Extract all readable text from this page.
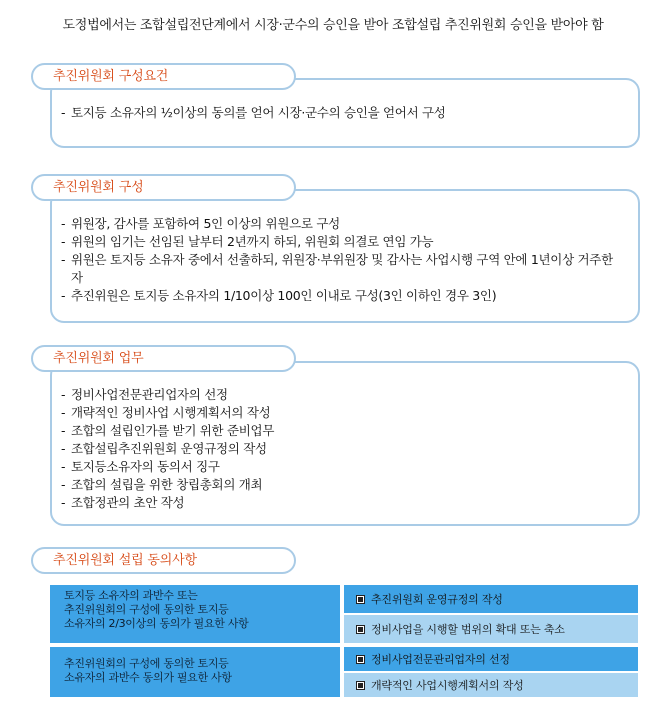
도정법에서는 조합설립전단계에서 시장·군수의 승인을 받아 조합설립 추진위원회 승인을 받아야 함
- 토지등 소유자의 ½이상의 동의를 얻어 시장·군수의 승인을 얻어서 구성
추진위원회 구성요건
- 위원장, 감사를 포함하여 5인 이상의 위원으로 구성
- 위원의 임기는 선임된 날부터 2년까지 하되, 위원회 의결로 연임 가능
- 위원은 토지등 소유자 중에서 선출하되, 위원장·부위원장 및 감사는 사업시행 구역 안에 1년이상 거주한 자
- 추진위원은 토지등 소유자의 1/10이상 100인 이내로 구성(3인 이하인 경우 3인)
추진위원회 구성
- 정비사업전문관리업자의 선정
- 개략적인 정비사업 시행계획서의 작성
- 조합의 설립인가를 받기 위한 준비업무
- 조합설립추진위원회 운영규정의 작성
- 토지등소유자의 동의서 징구
- 조합의 설립을 위한 창립총회의 개최
- 조합정관의 초안 작성
추진위원회 업무
추진위원회 설립 동의사항
토지등 소유자의 과반수 또는
추진위원회의 구성에 동의한 토지등
소유자의 2/3이상의 동의가 필요한 사항
추진위원회 운영규정의 작성
정비사업을 시행할 범위의 확대 또는 축소
추진위원회의 구성에 동의한 토지등
소유자의 과반수 동의가 필요한 사항
정비사업전문관리업자의 선정
개략적인 사업시행계획서의 작성
